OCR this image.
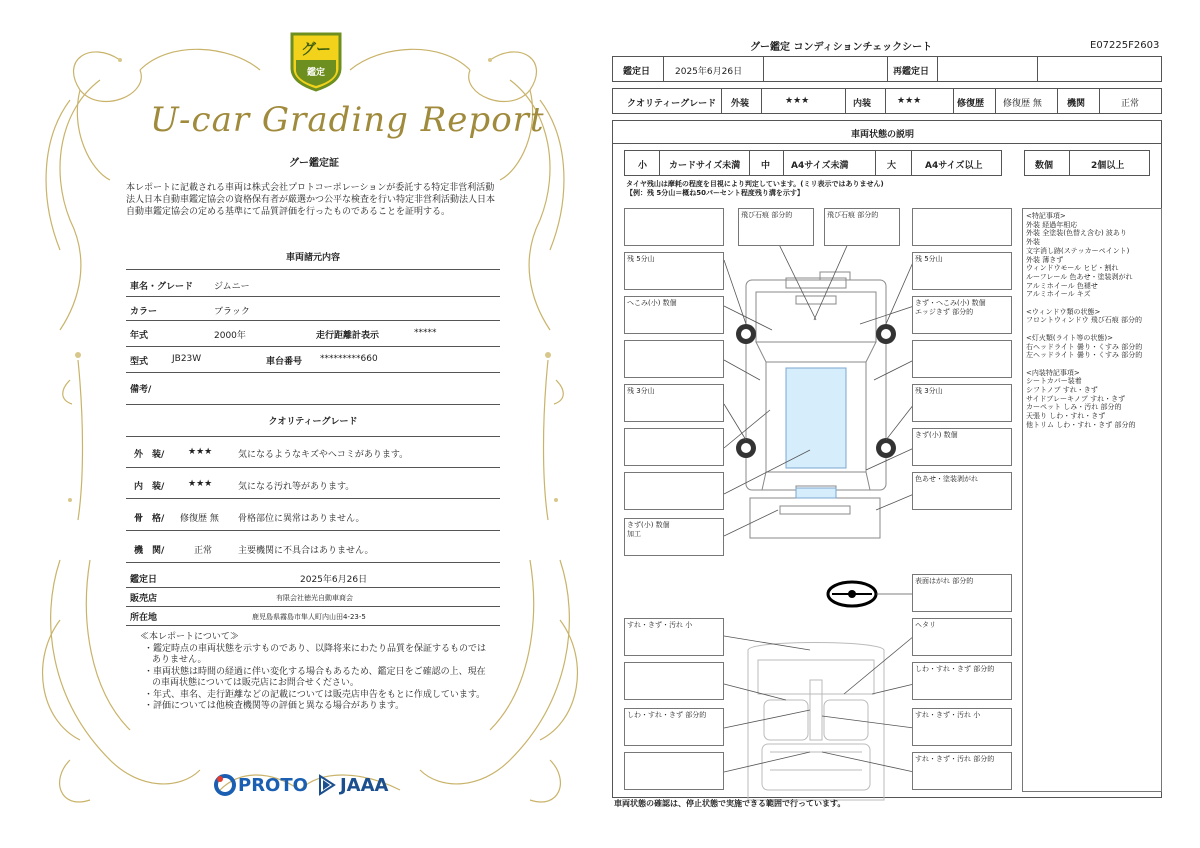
グー
鑑定
U-car Grading Report
グー鑑定証
本レポートに記載される車両は株式会社プロトコーポレーションが委託する特定非営利活動法人日本自動車鑑定協会の資格保有者が厳選かつ公平な検査を行い特定非営利活動法人日本自動車鑑定協会の定める基準にて品質評価を行ったものであることを証明する。
車両諸元内容
車名・グレード ジムニー
カラー	ブラック
年式	2000年	走行距離計表示	*****
型式	JB23W	車台番号 *********660
備考/
クオリティーグレード
外　装/	★★★	気になるようなキズやヘコミがあります。
内　装/	★★★	気になる汚れ等があります。
骨　格/ 修復歴 無 骨格部位に異常はありません。
機　関/	正常	主要機関に不具合はありません。
鑑定日	2025年6月26日
販売店	有限会社徳光自動車商会
所在地	鹿児島県霧島市隼人町内山田4-23-5
≪本レポートについて≫
・鑑定時点の車両状態を示すものであり、以降将来にわたり品質を保証するものではありません。
・車両状態は時間の経過に伴い変化する場合もあるため、鑑定日をご確認の上、現在の車両状態については販売店にお問合せください。
・年式、車名、走行距離などの記載については販売店申告をもとに作成しています。
・評価については他検査機関等の評価と異なる場合があります。
PROTO JAAA
グー鑑定 コンディションチェックシート	E07225F2603
鑑定日	2025年6月26日	再鑑定日
クオリティーグレード 外装	★★★	内装	★★★	修復歴 修復歴 無	機関	正常
車両状態の説明
小 カードサイズ未満 中 A4サイズ未満	大	A4サイズ以上	数個	2個以上
タイヤ残山は摩耗の程度を目視により判定しています。(ミリ表示ではありません)
【例：残 5分山＝概ね50パーセント程度残り溝を示す】
残 5分山
へこみ(小) 数個
残 3分山
きず(小) 数個
加工
すれ・きず・汚れ 小
しわ・すれ・きず 部分的
飛び石痕 部分的	飛び石痕 部分的
残 5分山
きず・へこみ(小) 数個
エッジきず 部分的
残 3分山
きず(小) 数個
色あせ・塗装剥がれ
表面はがれ 部分的
ヘタリ
しわ・すれ・きず 部分的
すれ・きず・汚れ 小
すれ・きず・汚れ 部分的
<特記事項>
外装 経過年相応
外装 全塗装(色替え含む) 波あり
外装
文字消し跡(ステッカーペイント)
外装 薄きず
ウィンドウモール ヒビ・割れ
ルーフレール 色あせ・塗装剥がれ
アルミホイール 色褪せ
アルミホイール キズ
<ウィンドウ類の状態>
フロントウィンドウ 飛び石痕 部分的
<灯火類(ライト等の状態)>
右ヘッドライト 曇り・くすみ 部分的
左ヘッドライト 曇り・くすみ 部分的
<内装特記事項>
シートカバー装着
シフトノブ すれ・きず
サイドブレーキノブ すれ・きず
カーペット しみ・汚れ 部分的
天張り しわ・すれ・きず
他トリム しわ・すれ・きず 部分的
車両状態の確認は、停止状態で実施できる範囲で行っています。
